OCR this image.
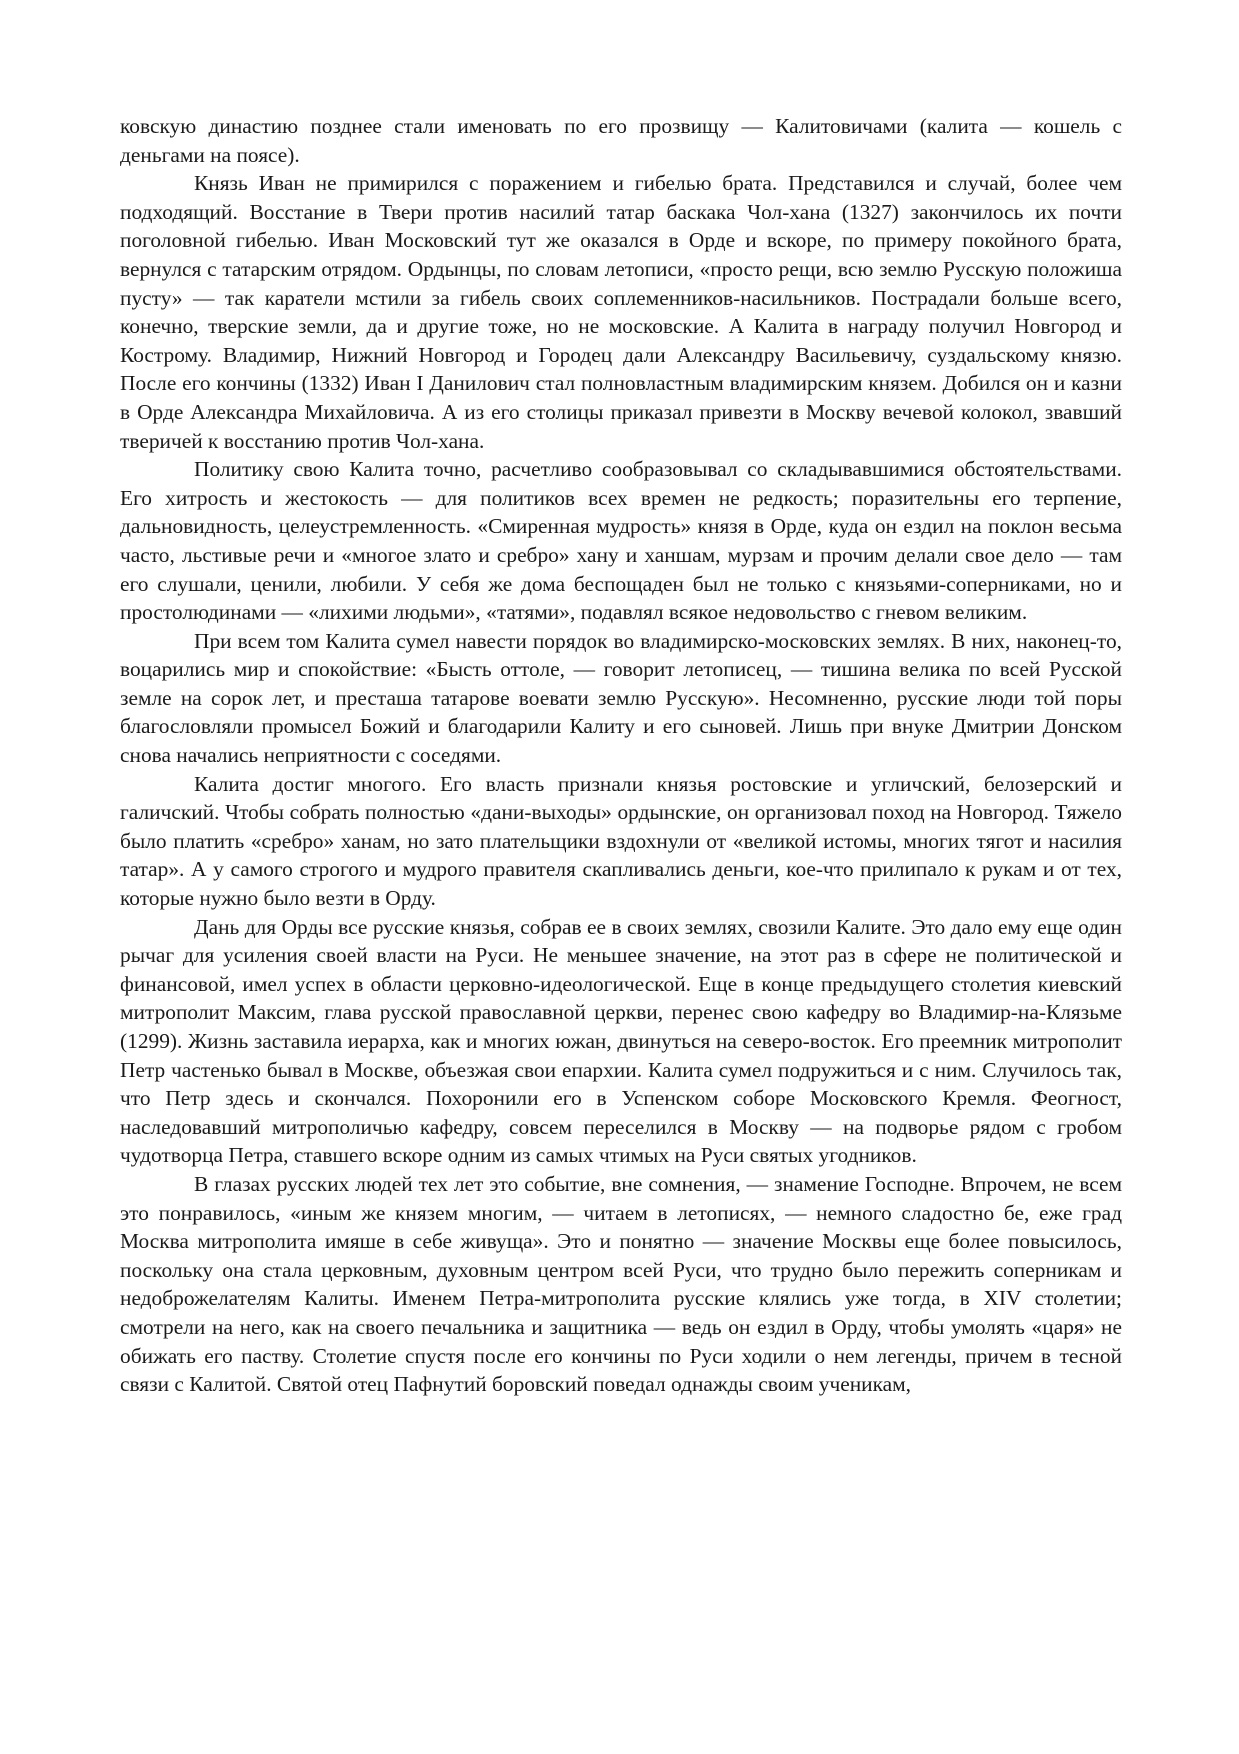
ковскую династию позднее стали именовать по его прозвищу — Калитовичами (калита — кошель с деньгами на поясе).

Князь Иван не примирился с поражением и гибелью брата. Представился и случай, более чем подходящий. Восстание в Твери против насилий татар баскака Чол-хана (1327) закончилось их почти поголовной гибелью. Иван Московский тут же оказался в Орде и вскоре, по примеру покойного брата, вернулся с татарским отрядом. Ордынцы, по словам летописи, «просто рещи, всю землю Русскую положиша пусту» — так каратели мстили за гибель своих соплеменников-насильников. Пострадали больше всего, конечно, тверские земли, да и другие тоже, но не московские. А Калита в награду получил Новгород и Кострому. Владимир, Нижний Новгород и Городец дали Александру Васильевичу, суздальскому князю. После его кончины (1332) Иван I Данилович стал полновластным владимирским князем. Добился он и казни в Орде Александра Михайловича. А из его столицы приказал привезти в Москву вечевой колокол, звавший тверичей к восстанию против Чол-хана.

Политику свою Калита точно, расчетливо сообразовывал со складывавшимися обстоятельствами. Его хитрость и жестокость — для политиков всех времен не редкость; поразительны его терпение, дальновидность, целеустремленность. «Смиренная мудрость» князя в Орде, куда он ездил на поклон весьма часто, льстивые речи и «многое злато и сребро» хану и ханшам, мурзам и прочим делали свое дело — там его слушали, ценили, любили. У себя же дома беспощаден был не только с князьями-соперниками, но и простолюдинами — «лихими людьми», «татями», подавлял всякое недовольство с гневом великим.

При всем том Калита сумел навести порядок во владимирско-московских землях. В них, наконец-то, воцарились мир и спокойствие: «Бысть оттоле, — говорит летописец, — тишина велика по всей Русской земле на сорок лет, и престаша татарове воевати землю Русскую». Несомненно, русские люди той поры благословляли промысел Божий и благодарили Калиту и его сыновей. Лишь при внуке Дмитрии Донском снова начались неприятности с соседями.

Калита достиг многого. Его власть признали князья ростовские и угличский, белозерский и галичский. Чтобы собрать полностью «дани-выходы» ордынские, он организовал поход на Новгород. Тяжело было платить «сребро» ханам, но зато плательщики вздохнули от «великой истомы, многих тягот и насилия татар». А у самого строгого и мудрого правителя скапливались деньги, кое-что прилипало к рукам и от тех, которые нужно было везти в Орду.

Дань для Орды все русские князья, собрав ее в своих землях, свозили Калите. Это дало ему еще один рычаг для усиления своей власти на Руси. Не меньшее значение, на этот раз в сфере не политической и финансовой, имел успех в области церковно-идеологической. Еще в конце предыдущего столетия киевский митрополит Максим, глава русской православной церкви, перенес свою кафедру во Владимир-на-Клязьме (1299). Жизнь заставила иерарха, как и многих южан, двинуться на северо-восток. Его преемник митрополит Петр частенько бывал в Москве, объезжая свои епархии. Калита сумел подружиться и с ним. Случилось так, что Петр здесь и скончался. Похоронили его в Успенском соборе Московского Кремля. Феогност, наследовавший митрополичью кафедру, совсем переселился в Москву — на подворье рядом с гробом чудотворца Петра, ставшего вскоре одним из самых чтимых на Руси святых угодников.

В глазах русских людей тех лет это событие, вне сомнения, — знамение Господне. Впрочем, не всем это понравилось, «иным же князем многим, — читаем в летописях, — немного сладостно бе, еже град Москва митрополита имяше в себе живуща». Это и понятно — значение Москвы еще более повысилось, поскольку она стала церковным, духовным центром всей Руси, что трудно было пережить соперникам и недоброжелателям Калиты. Именем Петра-митрополита русские клялись уже тогда, в XIV столетии; смотрели на него, как на своего печальника и защитника — ведь он ездил в Орду, чтобы умолять «царя» не обижать его паству. Столетие спустя после его кончины по Руси ходили о нем легенды, причем в тесной связи с Калитой. Святой отец Пафнутий боровский поведал однажды своим ученикам,
